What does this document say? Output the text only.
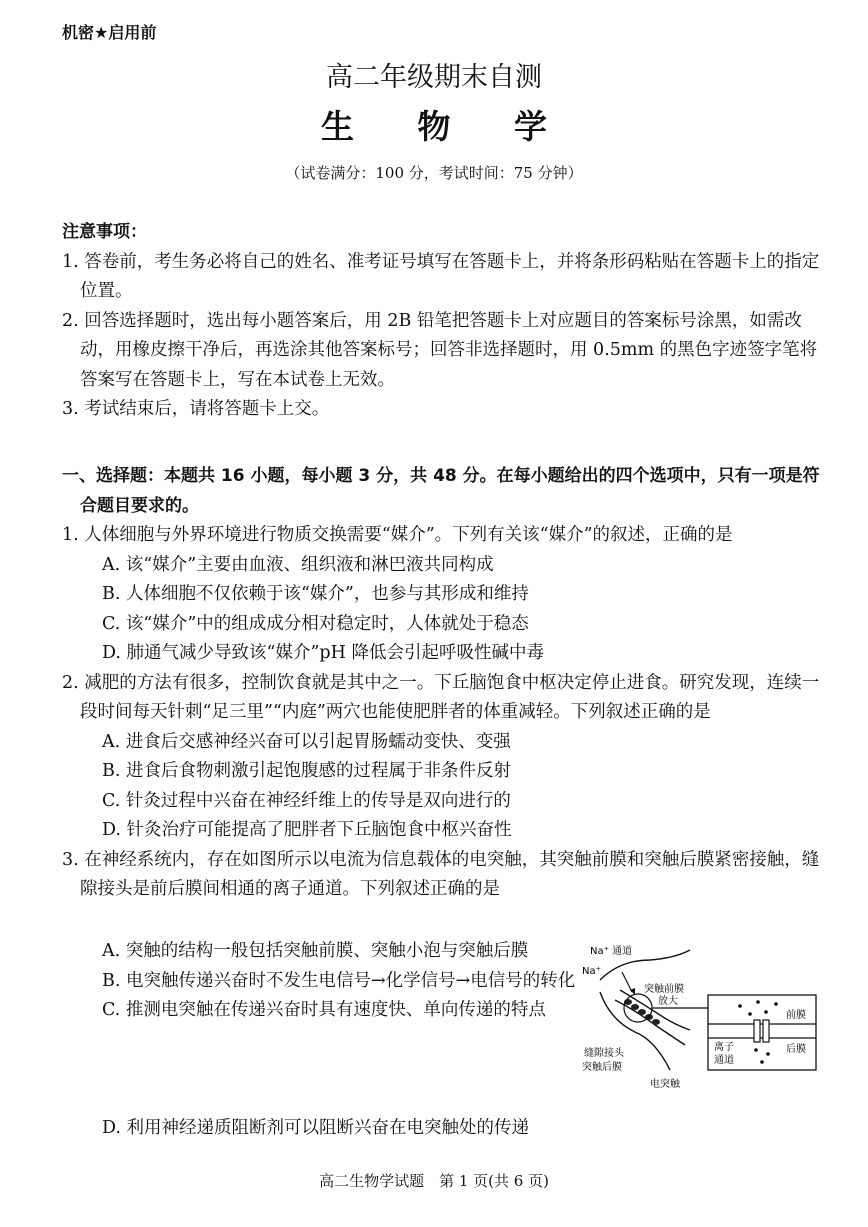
机密★启用前
高二年级期末自测
生 物 学
（试卷满分：100 分，考试时间：75 分钟）
注意事项：
1. 答卷前，考生务必将自己的姓名、准考证号填写在答题卡上，并将条形码粘贴在答题卡上的指定位置。
2. 回答选择题时，选出每小题答案后，用 2B 铅笔把答题卡上对应题目的答案标号涂黑，如需改动，用橡皮擦干净后，再选涂其他答案标号；回答非选择题时，用 0.5mm 的黑色字迹签字笔将答案写在答题卡上，写在本试卷上无效。
3. 考试结束后，请将答题卡上交。
一、选择题：本题共 16 小题，每小题 3 分，共 48 分。在每小题给出的四个选项中，只有一项是符合题目要求的。
1. 人体细胞与外界环境进行物质交换需要“媒介”。下列有关该“媒介”的叙述，正确的是
A. 该“媒介”主要由血液、组织液和淋巴液共同构成
B. 人体细胞不仅依赖于该“媒介”，也参与其形成和维持
C. 该“媒介”中的组成成分相对稳定时，人体就处于稳态
D. 肺通气减少导致该“媒介”pH 降低会引起呼吸性碱中毒
2. 减肥的方法有很多，控制饮食就是其中之一。下丘脑饱食中枢决定停止进食。研究发现，连续一段时间每天针刺“足三里”“内庭”两穴也能使肥胖者的体重减轻。下列叙述正确的是
A. 进食后交感神经兴奋可以引起胃肠蠕动变快、变强
B. 进食后食物刺激引起饱腹感的过程属于非条件反射
C. 针灸过程中兴奋在神经纤维上的传导是双向进行的
D. 针灸治疗可能提高了肥胖者下丘脑饱食中枢兴奋性
3. 在神经系统内，存在如图所示以电流为信息载体的电突触，其突触前膜和突触后膜紧密接触，缝隙接头是前后膜间相通的离子通道。下列叙述正确的是
A. 突触的结构一般包括突触前膜、突触小泡与突触后膜
B. 电突触传递兴奋时不发生电信号→化学信号→电信号的转化
C. 推测电突触在传递兴奋时具有速度快、单向传递的特点
D. 利用神经递质阻断剂可以阻断兴奋在电突触处的传递
Na⁺ 通道
Na⁺
突触前膜
放大
缝隙接头
突触后膜
电突触
前膜
后膜
离子
通道
高二生物学试题　第 1 页(共 6 页)
